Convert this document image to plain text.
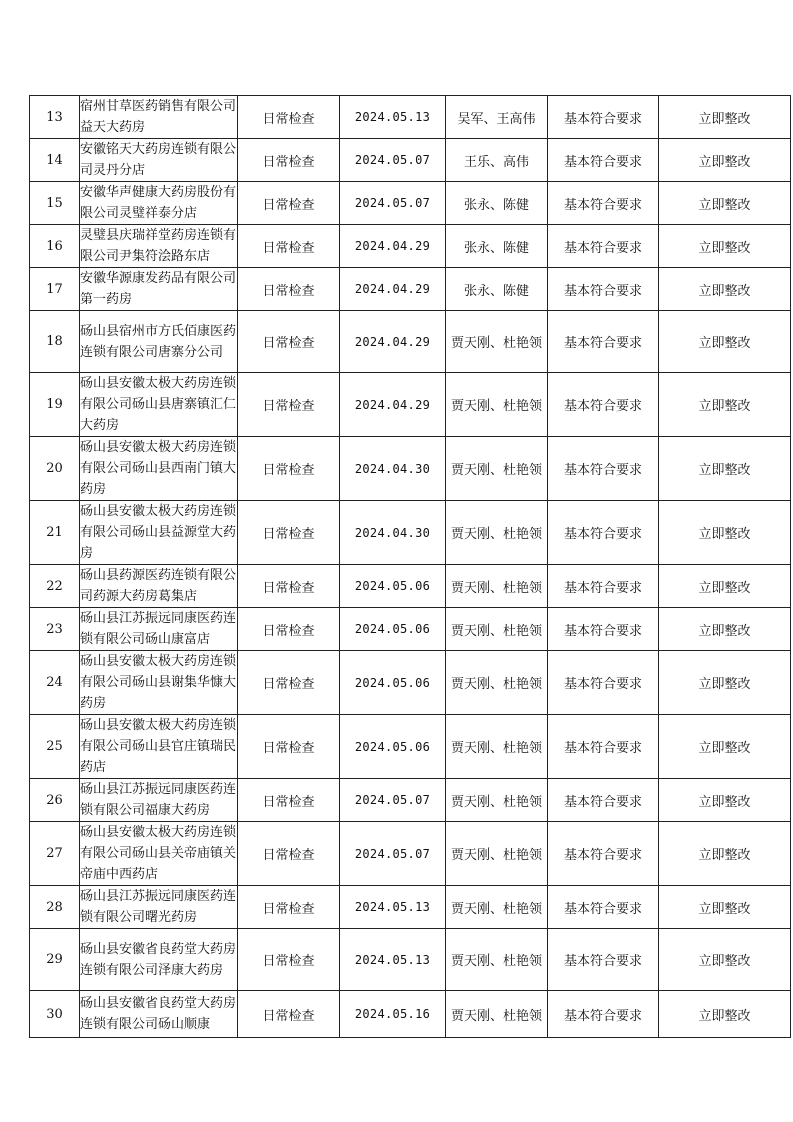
13	宿州甘草医药销售有限公司益天大药房	日常检查	2024.05.13	吴军、王高伟	基本符合要求	立即整改
14	安徽铭天大药房连锁有限公司灵丹分店	日常检查	2024.05.07	王乐、高伟	基本符合要求	立即整改
15	安徽华声健康大药房股份有限公司灵璧祥泰分店	日常检查	2024.05.07	张永、陈健	基本符合要求	立即整改
16	灵璧县庆瑞祥堂药房连锁有限公司尹集符浍路东店	日常检查	2024.04.29	张永、陈健	基本符合要求	立即整改
17	安徽华源康发药品有限公司第一药房	日常检查	2024.04.29	张永、陈健	基本符合要求	立即整改
18	砀山县宿州市方氏佰康医药连锁有限公司唐寨分公司	日常检查	2024.04.29	贾天刚、杜艳领	基本符合要求	立即整改
19	砀山县安徽太极大药房连锁有限公司砀山县唐寨镇汇仁大药房	日常检查	2024.04.29	贾天刚、杜艳领	基本符合要求	立即整改
20	砀山县安徽太极大药房连锁有限公司砀山县西南门镇大药房	日常检查	2024.04.30	贾天刚、杜艳领	基本符合要求	立即整改
21	砀山县安徽太极大药房连锁有限公司砀山县益源堂大药房	日常检查	2024.04.30	贾天刚、杜艳领	基本符合要求	立即整改
22	砀山县药源医药连锁有限公司药源大药房葛集店	日常检查	2024.05.06	贾天刚、杜艳领	基本符合要求	立即整改
23	砀山县江苏振远同康医药连锁有限公司砀山康富店	日常检查	2024.05.06	贾天刚、杜艳领	基本符合要求	立即整改
24	砀山县安徽太极大药房连锁有限公司砀山县谢集华慷大药房	日常检查	2024.05.06	贾天刚、杜艳领	基本符合要求	立即整改
25	砀山县安徽太极大药房连锁有限公司砀山县官庄镇瑞民药店	日常检查	2024.05.06	贾天刚、杜艳领	基本符合要求	立即整改
26	砀山县江苏振远同康医药连锁有限公司福康大药房	日常检查	2024.05.07	贾天刚、杜艳领	基本符合要求	立即整改
27	砀山县安徽太极大药房连锁有限公司砀山县关帝庙镇关帝庙中西药店	日常检查	2024.05.07	贾天刚、杜艳领	基本符合要求	立即整改
28	砀山县江苏振远同康医药连锁有限公司曙光药房	日常检查	2024.05.13	贾天刚、杜艳领	基本符合要求	立即整改
29	砀山县安徽省良药堂大药房连锁有限公司泽康大药房	日常检查	2024.05.13	贾天刚、杜艳领	基本符合要求	立即整改
30	砀山县安徽省良药堂大药房连锁有限公司砀山顺康	日常检查	2024.05.16	贾天刚、杜艳领	基本符合要求	立即整改
